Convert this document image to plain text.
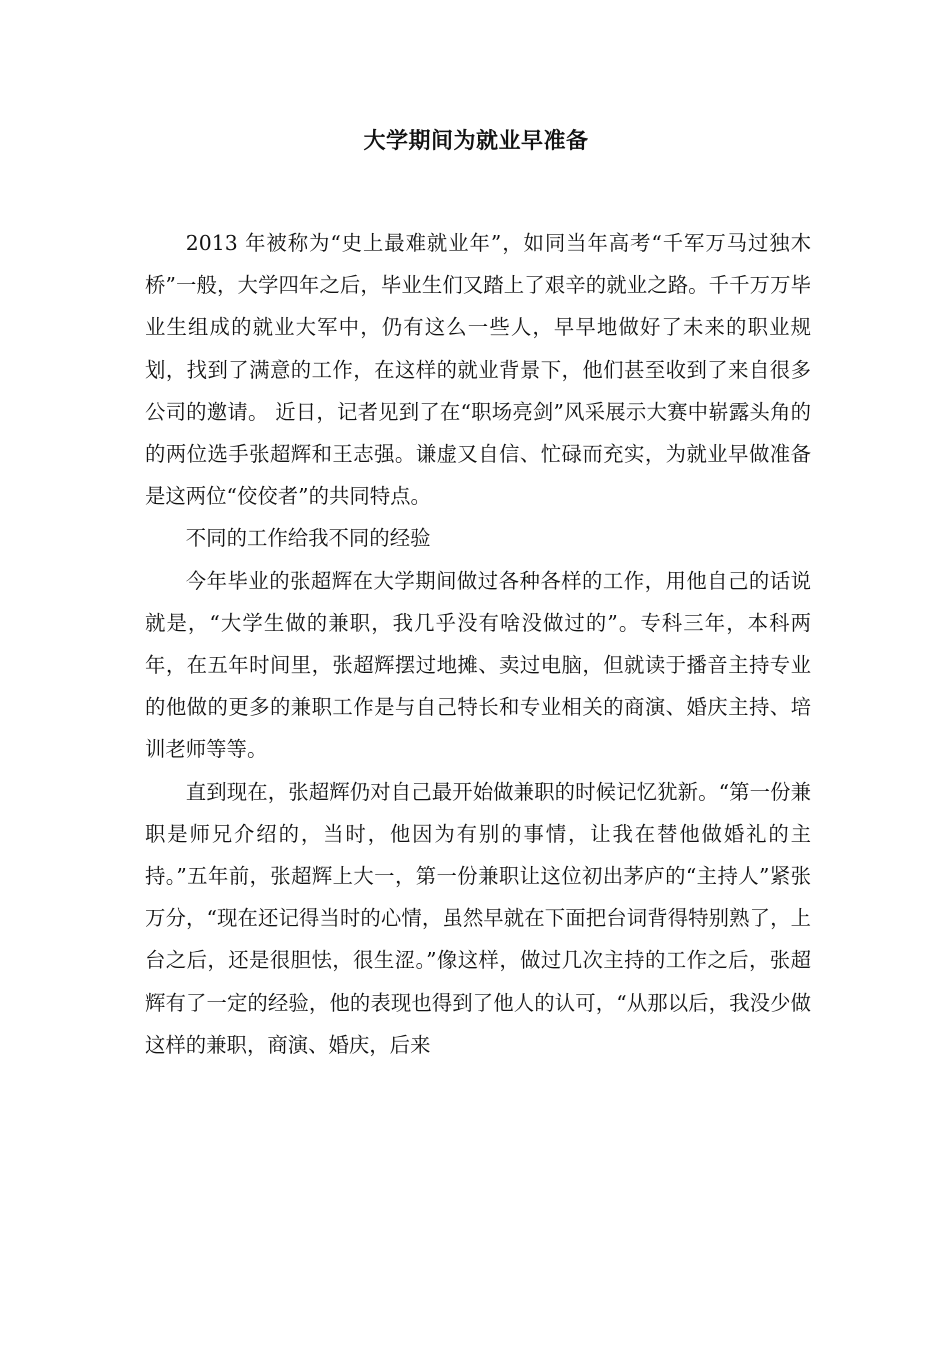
大学期间为就业早准备

2013 年被称为“史上最难就业年”，如同当年高考“千军万马过独木桥”一般，大学四年之后，毕业生们又踏上了艰辛的就业之路。千千万万毕业生组成的就业大军中，仍有这么一些人，早早地做好了未来的职业规划，找到了满意的工作，在这样的就业背景下，他们甚至收到了来自很多公司的邀请。 近日，记者见到了在“职场亮剑”风采展示大赛中崭露头角的的两位选手张超辉和王志强。谦虚又自信、忙碌而充实，为就业早做准备是这两位“佼佼者”的共同特点。

不同的工作给我不同的经验

今年毕业的张超辉在大学期间做过各种各样的工作，用他自己的话说就是，“大学生做的兼职，我几乎没有啥没做过的”。专科三年，本科两年，在五年时间里，张超辉摆过地摊、卖过电脑，但就读于播音主持专业的他做的更多的兼职工作是与自己特长和专业相关的商演、婚庆主持、培训老师等等。

直到现在，张超辉仍对自己最开始做兼职的时候记忆犹新。“第一份兼职是师兄介绍的，当时，他因为有别的事情，让我在替他做婚礼的主持。”五年前，张超辉上大一，第一份兼职让这位初出茅庐的“主持人”紧张万分，“现在还记得当时的心情，虽然早就在下面把台词背得特别熟了，上台之后，还是很胆怯，很生涩。”像这样，做过几次主持的工作之后，张超辉有了一定的经验，他的表现也得到了他人的认可，“从那以后，我没少做这样的兼职，商演、婚庆，后来
